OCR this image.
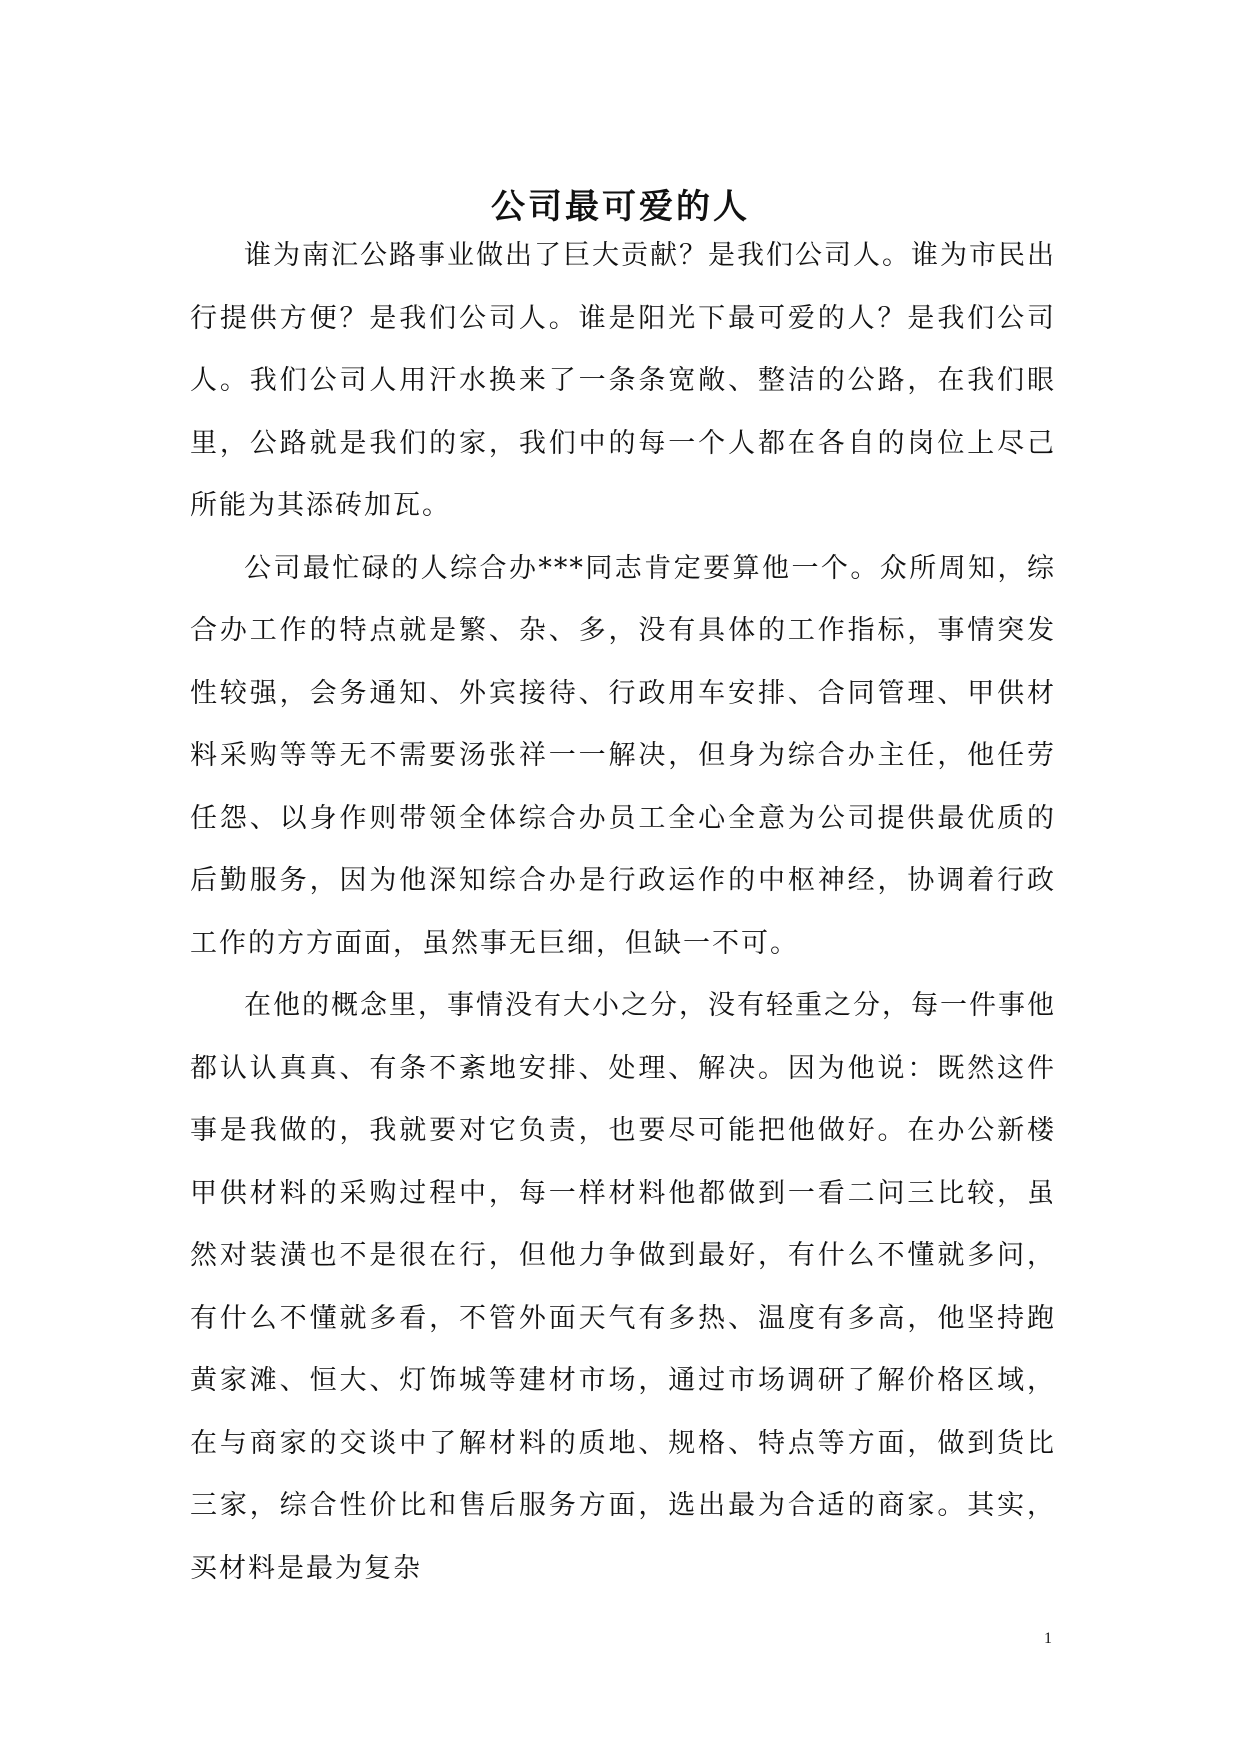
公司最可爱的人

谁为南汇公路事业做出了巨大贡献？是我们公司人。谁为市民出行提供方便？是我们公司人。谁是阳光下最可爱的人？是我们公司人。我们公司人用汗水换来了一条条宽敞、整洁的公路，在我们眼里，公路就是我们的家，我们中的每一个人都在各自的岗位上尽己所能为其添砖加瓦。

公司最忙碌的人综合办***同志肯定要算他一个。众所周知，综合办工作的特点就是繁、杂、多，没有具体的工作指标，事情突发性较强，会务通知、外宾接待、行政用车安排、合同管理、甲供材料采购等等无不需要汤张祥一一解决，但身为综合办主任，他任劳任怨、以身作则带领全体综合办员工全心全意为公司提供最优质的后勤服务，因为他深知综合办是行政运作的中枢神经，协调着行政工作的方方面面，虽然事无巨细，但缺一不可。

在他的概念里，事情没有大小之分，没有轻重之分，每一件事他都认认真真、有条不紊地安排、处理、解决。因为他说：既然这件事是我做的，我就要对它负责，也要尽可能把他做好。在办公新楼甲供材料的采购过程中，每一样材料他都做到一看二问三比较，虽然对装潢也不是很在行，但他力争做到最好，有什么不懂就多问，有什么不懂就多看，不管外面天气有多热、温度有多高，他坚持跑黄家滩、恒大、灯饰城等建材市场，通过市场调研了解价格区域，在与商家的交谈中了解材料的质地、规格、特点等方面，做到货比三家，综合性价比和售后服务方面，选出最为合适的商家。其实，买材料是最为复杂

1
